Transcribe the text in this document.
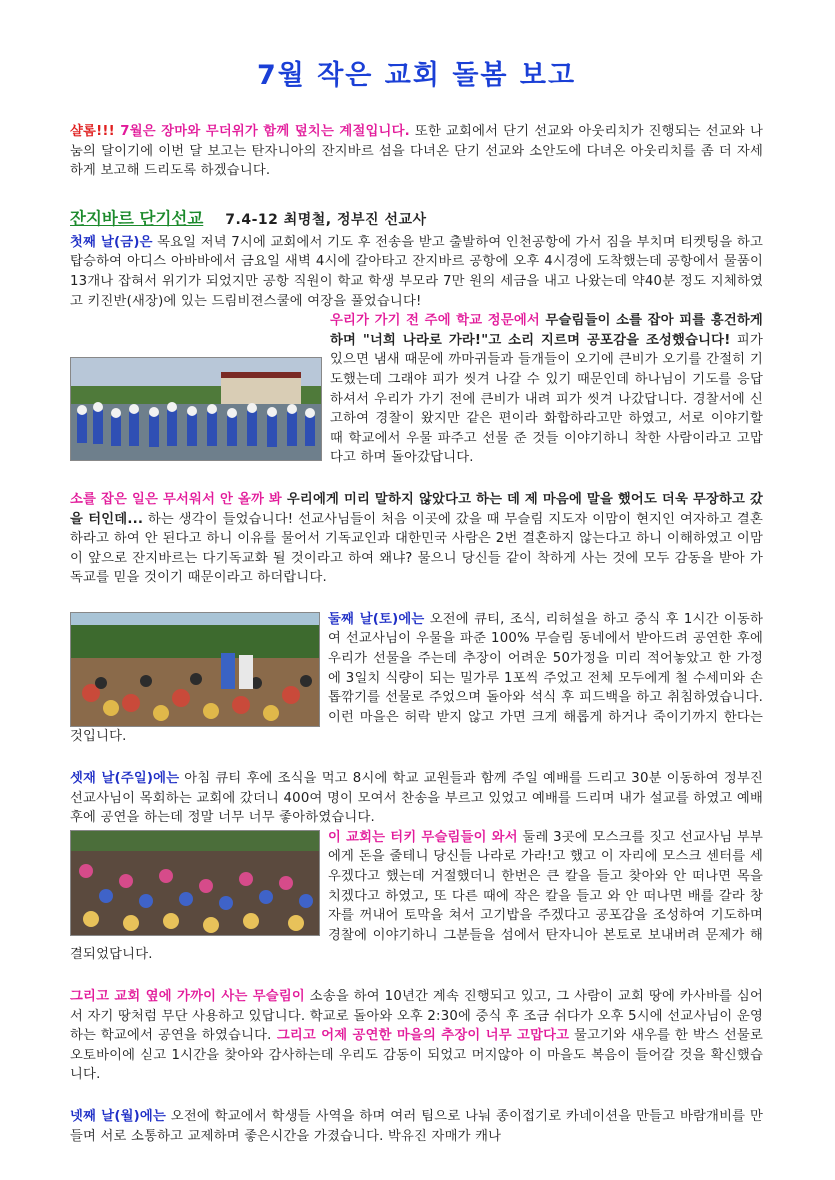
7월 작은 교회 돌봄 보고

샬롬!!! 7월은 장마와 무더위가 함께 덮치는 계절입니다. 또한 교회에서 단기 선교와 아웃리치가 진행되는 선교와 나눔의 달이기에 이번 달 보고는 탄자니아의 잔지바르 섬을 다녀온 단기 선교와 소안도에 다녀온 아웃리치를 좀 더 자세하게 보고해 드리도록 하겠습니다.

잔지바르 단기선교 7.4-12 최명철, 정부진 선교사

첫째 날(금)은 목요일 저녁 7시에 교회에서 기도 후 전송을 받고 출발하여 인천공항에 가서 짐을 부치며 티켓팅을 하고 탑승하여 아디스 아바바에서 금요일 새벽 4시에 갈아타고 잔지바르 공항에 오후 4시경에 도착했는데 공항에서 물품이 13개나 잡혀서 위기가 되었지만 공항 직원이 학교 학생 부모라 7만 원의 세금을 내고 나왔는데 약40분 정도 지체하였고 키진반(새장)에 있는 드림비젼스쿨에 여장을 풀었습니다!

우리가 가기 전 주에 학교 정문에서 무슬림들이 소를 잡아 피를 흥건하게 하며 "너희 나라로 가라!"고 소리 지르며 공포감을 조성했습니다! 피가 있으면 냄새 때문에 까마귀들과 들개들이 오기에 큰비가 오기를 간절히 기도했는데 그래야 피가 씻겨 나갈 수 있기 때문인데 하나님이 기도를 응답하셔서 우리가 가기 전에 큰비가 내려 피가 씻겨 나갔답니다. 경찰서에 신고하여 경찰이 왔지만 같은 편이라 화합하라고만 하였고, 서로 이야기할 때 학교에서 우물 파주고 선물 준 것들 이야기하니 착한 사람이라고 고맙다고 하며 돌아갔답니다.

소를 잡은 일은 무서워서 안 올까 봐 우리에게 미리 말하지 않았다고 하는 데 제 마음에 말을 했어도 더욱 무장하고 갔을 터인데... 하는 생각이 들었습니다! 선교사님들이 처음 이곳에 갔을 때 무슬림 지도자 이맘이 현지인 여자하고 결혼하라고 하여 안 된다고 하니 이유를 물어서 기독교인과 대한민국 사람은 2번 결혼하지 않는다고 하니 이해하였고 이맘이 앞으로 잔지바르는 다기독교화 될 것이라고 하여 왜냐? 물으니 당신들 같이 착하게 사는 것에 모두 감동을 받아 가독교를 믿을 것이기 때문이라고 하더랍니다.

둘째 날(토)에는 오전에 큐티, 조식, 리허설을 하고 중식 후 1시간 이동하여 선교사님이 우물을 파준 100% 무슬림 동네에서 받아드려 공연한 후에 우리가 선물을 주는데 추장이 어려운 50가정을 미리 적어놓았고 한 가정에 3일치 식량이 되는 밀가루 1포씩 주었고 전체 모두에게 철 수세미와 손톱깎기를 선물로 주었으며 돌아와 석식 후 피드백을 하고 취침하였습니다. 이런 마을은 허락 받지 않고 가면 크게 해롭게 하거나 죽이기까지 한다는 것입니다.

셋재 날(주일)에는 아침 큐티 후에 조식을 먹고 8시에 학교 교원들과 함께 주일 예배를 드리고 30분 이동하여 정부진 선교사님이 목회하는 교회에 갔더니 400여 명이 모여서 찬송을 부르고 있었고 예배를 드리며 내가 설교를 하였고 예배 후에 공연을 하는데 정말 너무 너무 좋아하였습니다.

이 교회는 터키 무슬림들이 와서 둘레 3곳에 모스크를 짓고 선교사님 부부에게 돈을 줄테니 당신들 나라로 가라!고 했고 이 자리에 모스크 센터를 세우겠다고 했는데 거절했더니 한번은 큰 칼을 들고 찾아와 안 떠나면 목을 치겠다고 하였고, 또 다른 때에 작은 칼을 들고 와 안 떠나면 배를 갈라 창자를 꺼내어 토막을 쳐서 고기밥을 주겠다고 공포감을 조성하여 기도하며 경찰에 이야기하니 그분들을 섬에서 탄자니아 본토로 보내버려 문제가 해결되었답니다.

그리고 교회 옆에 가까이 사는 무슬림이 소송을 하여 10년간 계속 진행되고 있고, 그 사람이 교회 땅에 카사바를 심어서 자기 땅처럼 무단 사용하고 있답니다. 학교로 돌아와 오후 2:30에 중식 후 조금 쉬다가 오후 5시에 선교사님이 운영하는 학교에서 공연을 하였습니다. 그리고 어제 공연한 마을의 추장이 너무 고맙다고 물고기와 새우를 한 박스 선물로 오토바이에 싣고 1시간을 찾아와 감사하는데 우리도 감동이 되었고 머지않아 이 마을도 복음이 들어갈 것을 확신했습니다.

넷째 날(월)에는 오전에 학교에서 학생들 사역을 하며 여러 팀으로 나눠 종이접기로 카네이션을 만들고 바람개비를 만들며 서로 소통하고 교제하며 좋은시간을 가졌습니다. 박유진 자매가 캐나
